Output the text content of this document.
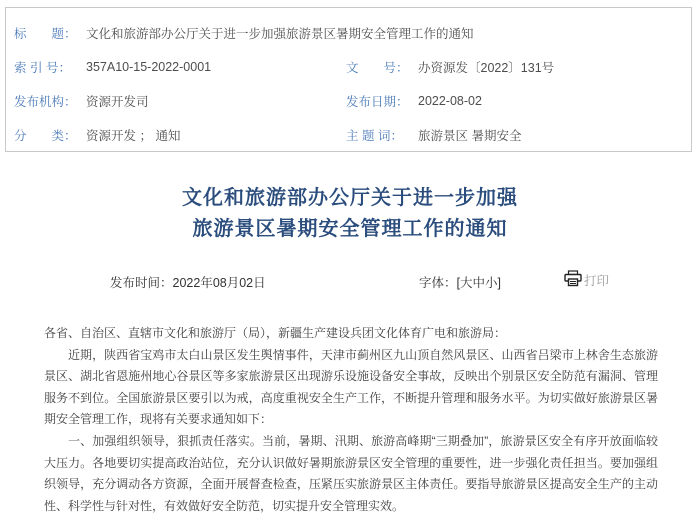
标　　题： 文化和旅游部办公厅关于进一步加强旅游景区暑期安全管理工作的通知
索 引 号：	357A10-15-2022-0001	文　　号： 办资源发〔2022〕131号
发布机构： 资源开发司	发布日期： 2022-08-02
分　　类： 资源开发 ； 通知	主 题 词：	旅游景区 暑期安全
文化和旅游部办公厅关于进一步加强
旅游景区暑期安全管理工作的通知
发布时间：2022年08月02日	字体：[大中小]	打印

各省、自治区、直辖市文化和旅游厅（局），新疆生产建设兵团文化体育广电和旅游局：

近期，陕西省宝鸡市太白山景区发生舆情事件，天津市蓟州区九山顶自然风景区、山西省吕梁市上林舍生态旅游景区、湖北省恩施州地心谷景区等多家旅游景区出现游乐设施设备安全事故，反映出个别景区安全防范有漏洞、管理服务不到位。全国旅游景区要引以为戒，高度重视安全生产工作，不断提升管理和服务水平。为切实做好旅游景区暑期安全管理工作，现将有关要求通知如下：

一、加强组织领导，狠抓责任落实。当前，暑期、汛期、旅游高峰期“三期叠加”，旅游景区安全有序开放面临较大压力。各地要切实提高政治站位，充分认识做好暑期旅游景区安全管理的重要性，进一步强化责任担当。要加强组织领导，充分调动各方资源，全面开展督查检查，压紧压实旅游景区主体责任。要指导旅游景区提高安全生产的主动性、科学性与针对性，有效做好安全防范，切实提升安全管理实效。
